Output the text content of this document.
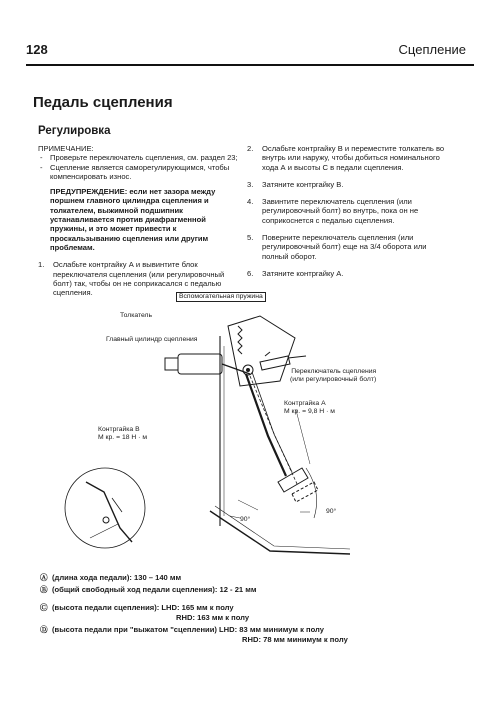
128	Сцепление
Педаль сцепления
Регулировка
ПРИМЕЧАНИЕ:
- Проверьте переключатель сцепления, см. раздел 23;
- Сцепление является саморегулирующимся, чтобы компенсировать износ.
ПРЕДУПРЕЖДЕНИЕ: если нет зазора между поршнем главного цилиндра сцепления и толкателем, выжимной подшипник устанавливается против диафрагменной пружины, и это может привести к проскальзыванию сцепления или другим проблемам.
1. Ослабьте контргайку А и вывинтите блок переключателя сцепления (или регулировочный болт) так, чтобы он не соприкасался с педалью сцепления.
2. Ослабьте контргайку В и переместите толкатель во внутрь или наружу, чтобы добиться номинального хода А и высоты С в педали сцепления.
3. Затяните контргайку В.
4. Завинтите переключатель сцепления (или регулировочный болт) во внутрь, пока он не соприкоснется с педалью сцепления.
5. Поверните переключатель сцепления (или регулировочный болт) еще на 3/4 оборота или полный оборот.
6. Затяните контргайку А.
Вспомогательная пружина
Толкатель
Главный цилиндр сцепления
Переключатель сцепления
(или регулировочный болт)
Контргайка А
М кр. = 9,8 Н · м
Контргайка В
М кр. = 18 Н · м
90°
90°
Ⓐ (длина хода педали): 130 – 140 мм
Ⓑ (общий свободный ход педали сцепления): 12 - 21 мм
Ⓒ (высота педали сцепления): LHD: 165 мм к полу
RHD: 163 мм к полу
Ⓓ (высота педали при "выжатом "сцеплении) LHD: 83 мм минимум к полу
RHD: 78 мм минимум к полу
